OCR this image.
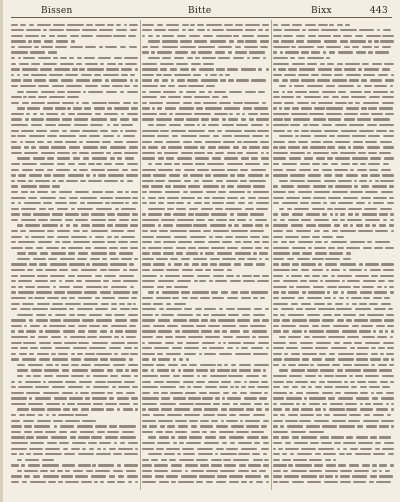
Bissen	Bitte	Bixx	443
